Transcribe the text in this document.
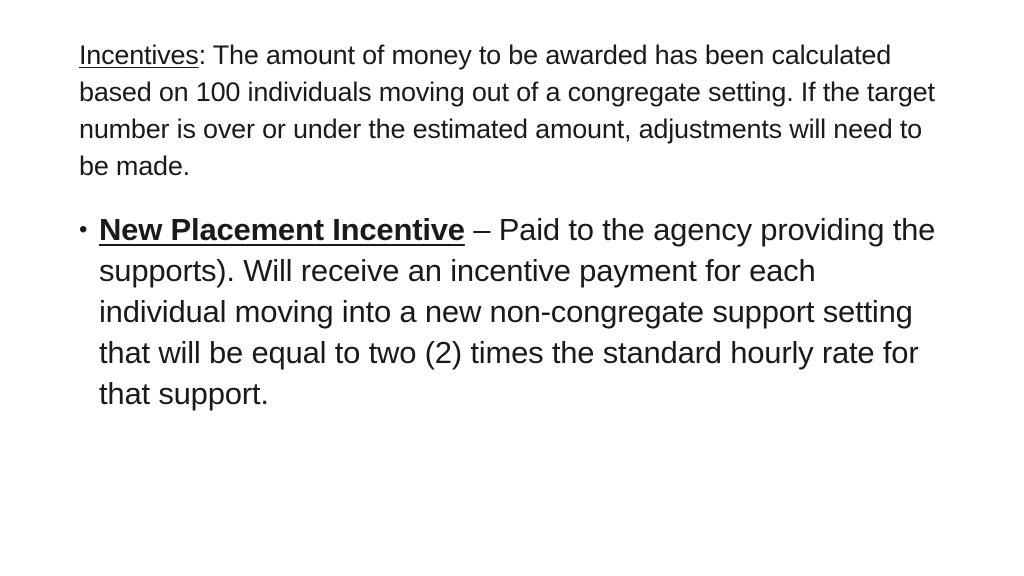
Incentives: The amount of money to be awarded has been calculated based on 100 individuals moving out of a congregate setting. If the target number is over or under the estimated amount, adjustments will need to be made.
• New Placement Incentive – Paid to the agency providing the supports). Will receive an incentive payment for each individual moving into a new non-congregate support setting that will be equal to two (2) times the standard hourly rate for that support.
